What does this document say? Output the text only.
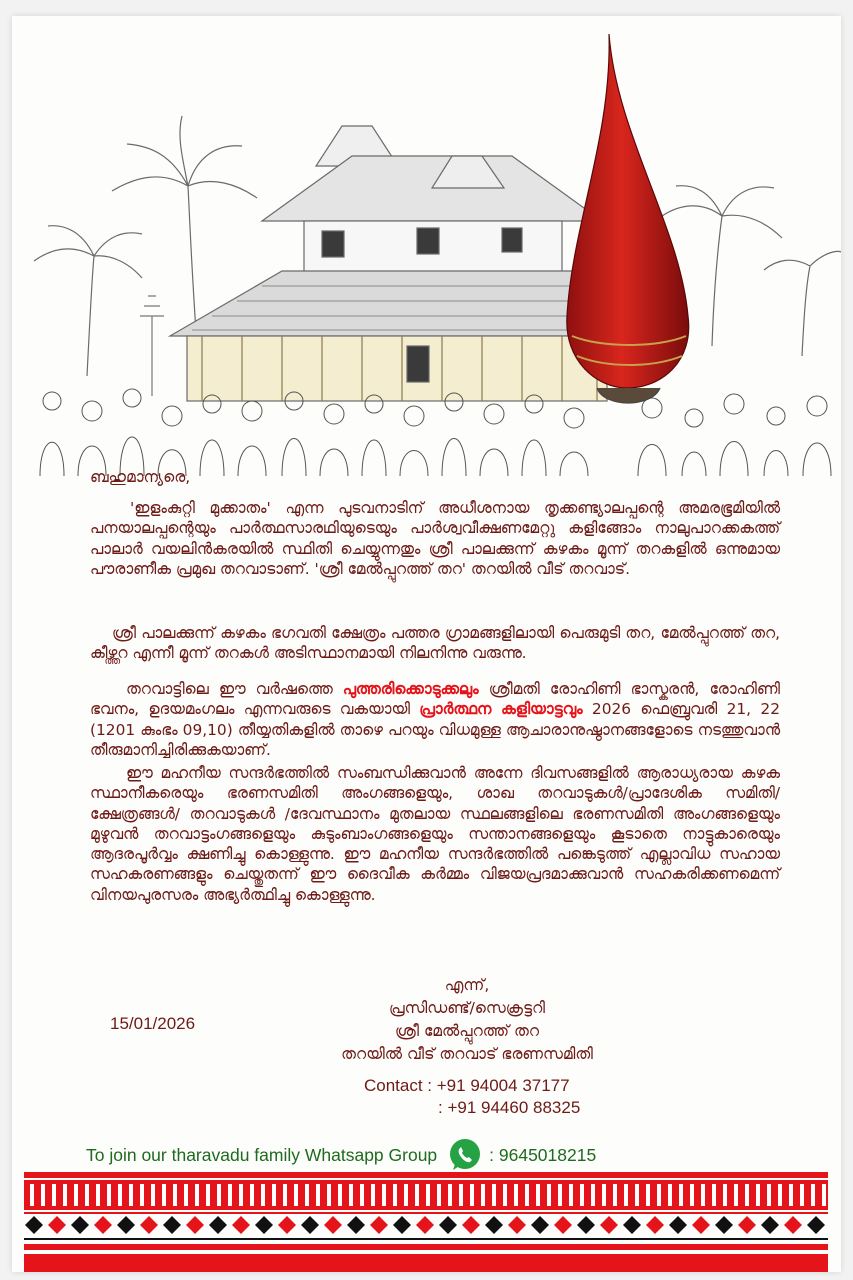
ബഹുമാന്യരെ,

'ഇളംകുറ്റി മുക്കാതം' എന്ന പുടവനാടിന് അധീശനായ തൃക്കണ്ട്യാലപ്പന്റെ അമരഭൂമിയിൽ പനയാലപ്പന്റെയും പാർത്ഥസാരഥിയുടെയും പാർശ്വവീക്ഷണമേറ്റു കളിങ്ങോം നാലുപാറക്കകത്ത് പാലാർ വയലിൻകരയിൽ സ്ഥിതി ചെയ്യുന്നതും ശ്രീ പാലക്കുന്ന് കഴകം മൂന്ന് തറകളിൽ ഒന്നുമായ പൗരാണീക പ്രമുഖ തറവാടാണ്. 'ശ്രീ മേൽപ്പുറത്ത് തറ' തറയിൽ വീട് തറവാട്.

ശ്രീ പാലക്കുന്ന് കഴകം ഭഗവതി ക്ഷേത്രം പത്തര ഗ്രാമങ്ങളിലായി പെരുമുടി തറ, മേൽപ്പുറത്ത് തറ, കീഴ്ത്തറ എന്നീ മൂന്ന് തറകൾ അടിസ്ഥാനമായി നിലനിന്നു വരുന്നു.

തറവാട്ടിലെ ഈ വർഷത്തെ പുത്തരിക്കൊടുക്കലും ശ്രീമതി രോഹിണി ഭാസ്കരൻ, രോഹിണി ഭവനം, ഉദയമംഗലം എന്നവരുടെ വകയായി പ്രാർത്ഥന കളിയാട്ടവും 2026 ഫെബ്രുവരി 21, 22 (1201 കുംഭം 09,10) തീയ്യതികളിൽ താഴെ പറയും വിധമുള്ള ആചാരാനുഷ്ഠാനങ്ങളോടെ നടത്തുവാൻ തീരുമാനിച്ചിരിക്കുകയാണ്.

ഈ മഹനീയ സന്ദർഭത്തിൽ സംബന്ധിക്കുവാൻ അന്നേ ദിവസങ്ങളിൽ ആരാധ്യരായ കഴക സ്ഥാനീകരെയും ഭരണസമിതി അംഗങ്ങളെയും, ശാഖ തറവാടുകൾ/പ്രാദേശിക സമിതി/ ക്ഷേത്രങ്ങൾ/ തറവാടുകൾ /ദേവസ്ഥാനം മുതലായ സ്ഥലങ്ങളിലെ ഭരണസമിതി അംഗങ്ങളെയും മുഴുവൻ തറവാട്ടംഗങ്ങളെയും കുടുംബാംഗങ്ങളെയും സന്താനങ്ങളെയും കൂടാതെ നാട്ടുകാരെയും ആദരപൂർവ്വം ക്ഷണിച്ചു കൊള്ളുന്നു. ഈ മഹനീയ സന്ദർഭത്തിൽ പങ്കെടുത്ത് എല്ലാവിധ സഹായ സഹകരണങ്ങളും ചെയ്തുതന്ന് ഈ ദൈവീക കർമ്മം വിജയപ്രദമാക്കുവാൻ സഹകരിക്കണമെന്ന് വിനയപുരസരം അഭ്യർത്ഥിച്ചു കൊള്ളുന്നു.

15/01/2026
എന്ന്,
പ്രസിഡണ്ട്/സെക്രട്ടറി
ശ്രീ മേൽപ്പുറത്ത് തറ
തറയിൽ വീട് തറവാട് ഭരണസമിതി
Contact : +91 94004 37177
: +91 94460 88325
To join our tharavadu family Whatsapp Group	: 9645018215
